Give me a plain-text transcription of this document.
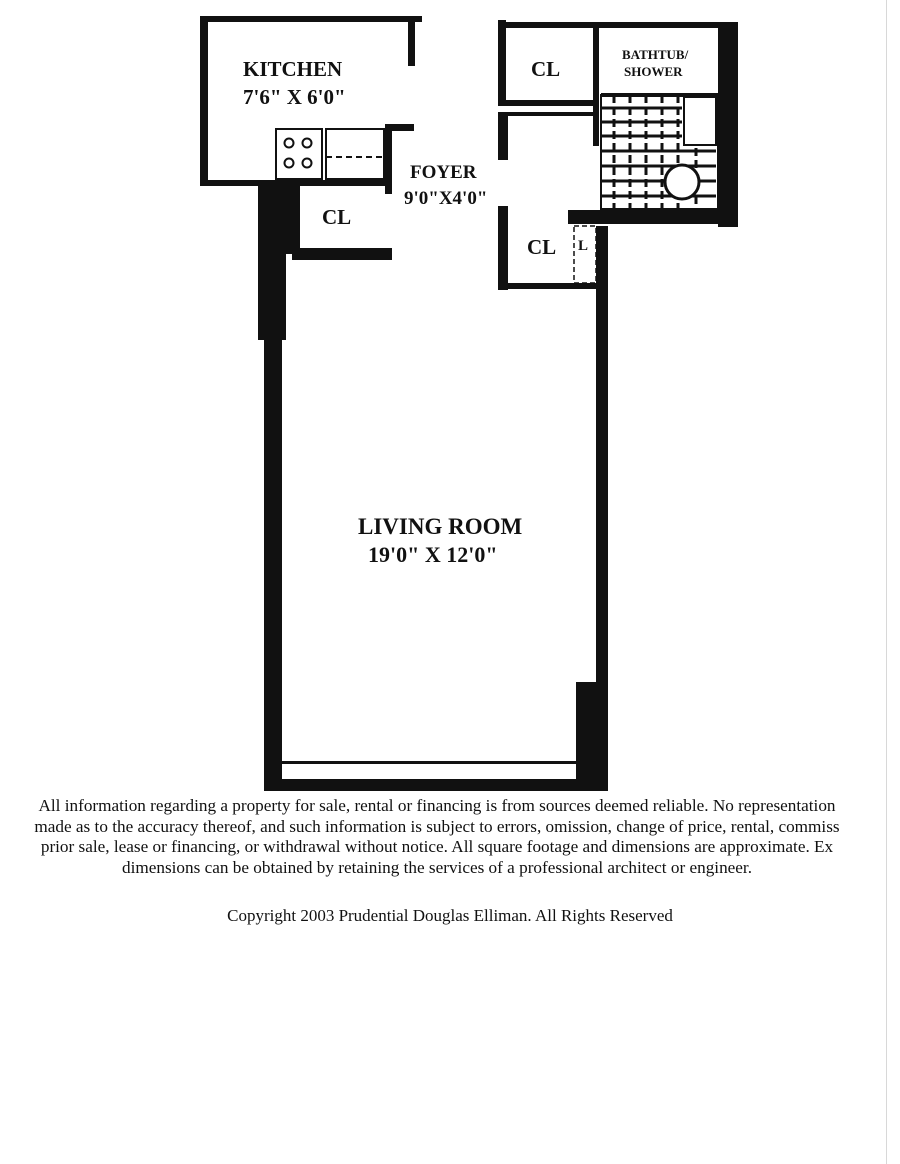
KITCHEN
7'6" X 6'0"
FOYER
9'0"X4'0"
CL
CL
CL L
BATHTUB/
SHOWER
LIVING ROOM
19'0" X 12'0"
All information regarding a property for sale, rental or financing is from sources deemed reliable. No representation
made as to the accuracy thereof, and such information is subject to errors, omission, change of price, rental, commiss
prior sale, lease or financing, or withdrawal without notice. All square footage and dimensions are approximate. Ex
dimensions can be obtained by retaining the services of a professional architect or engineer.
Copyright 2003 Prudential Douglas Elliman. All Rights Reserved
